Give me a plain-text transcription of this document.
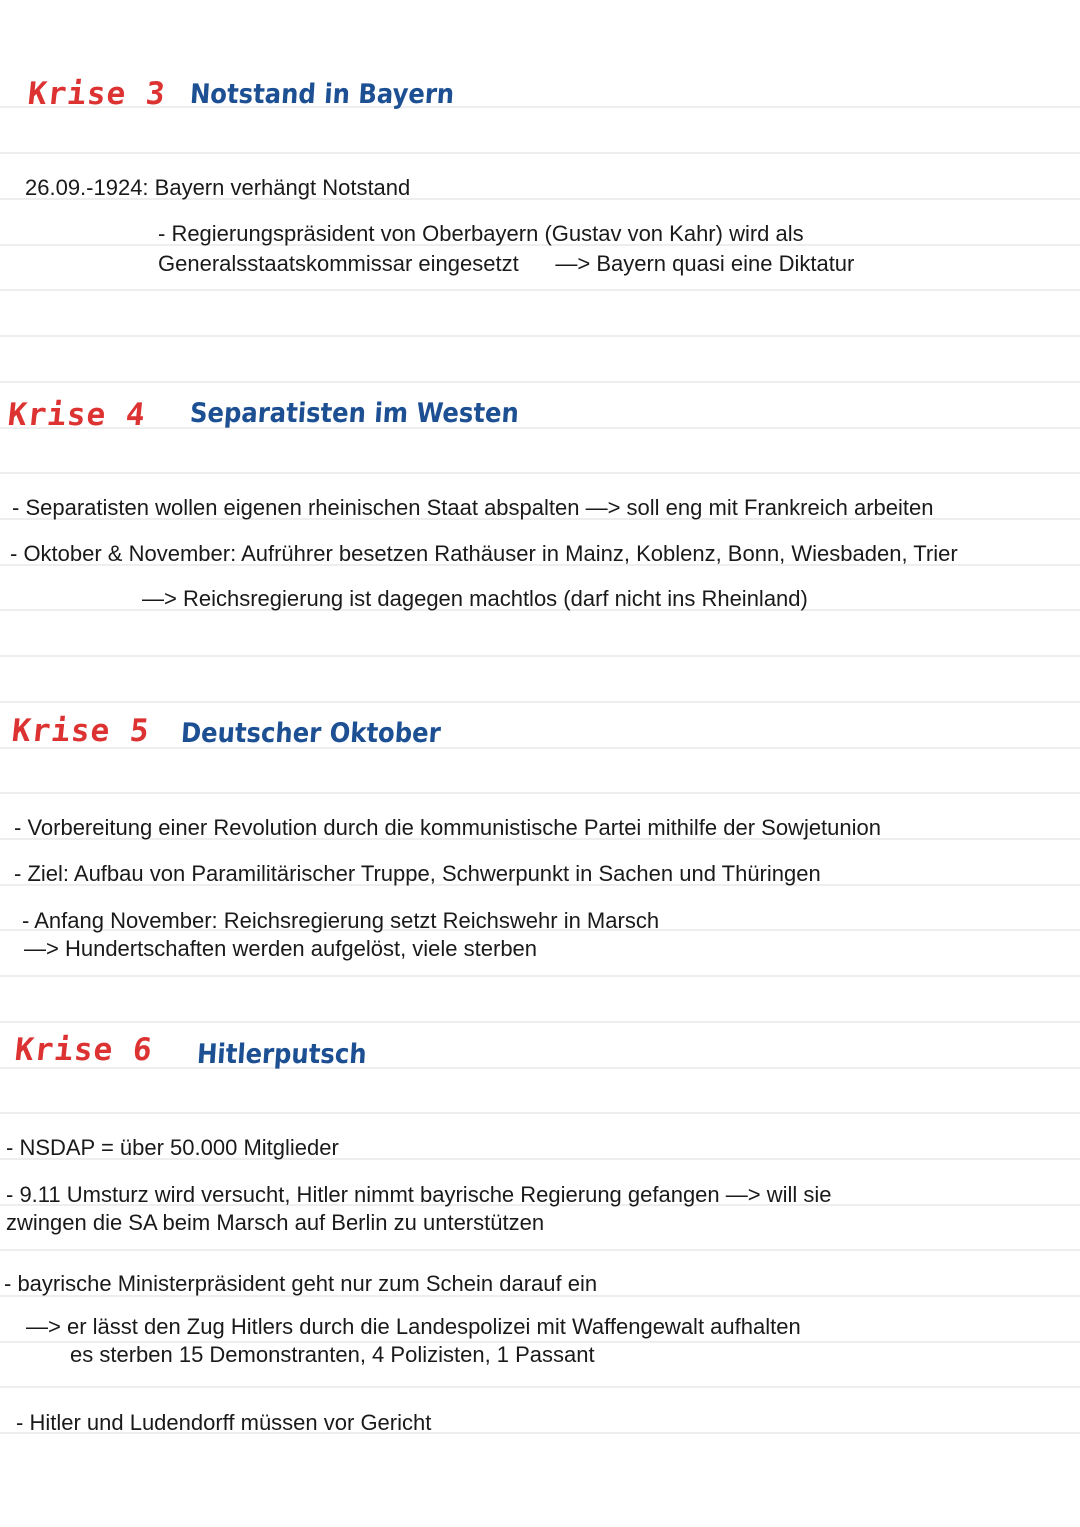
Krise 3 Notstand in Bayern
26.09.-1924: Bayern verhängt Notstand
- Regierungspräsident von Oberbayern (Gustav von Kahr) wird als
Generalsstaatskommissar eingesetzt      —> Bayern quasi eine Diktatur
Krise 4 Separatisten im Westen
- Separatisten wollen eigenen rheinischen Staat abspalten —> soll eng mit Frankreich arbeiten
- Oktober & November: Aufrührer besetzen Rathäuser in Mainz, Koblenz, Bonn, Wiesbaden, Trier
—> Reichsregierung ist dagegen machtlos (darf nicht ins Rheinland)
Krise 5 Deutscher Oktober
- Vorbereitung einer Revolution durch die kommunistische Partei mithilfe der Sowjetunion
- Ziel: Aufbau von Paramilitärischer Truppe, Schwerpunkt in Sachen und Thüringen
- Anfang November: Reichsregierung setzt Reichswehr in Marsch
—> Hundertschaften werden aufgelöst, viele sterben
Krise 6 Hitlerputsch
- NSDAP = über 50.000 Mitglieder
- 9.11 Umsturz wird versucht, Hitler nimmt bayrische Regierung gefangen —> will sie
zwingen die SA beim Marsch auf Berlin zu unterstützen
- bayrische Ministerpräsident geht nur zum Schein darauf ein
—> er lässt den Zug Hitlers durch die Landespolizei mit Waffengewalt aufhalten
es sterben 15 Demonstranten, 4 Polizisten, 1 Passant
- Hitler und Ludendorff müssen vor Gericht
